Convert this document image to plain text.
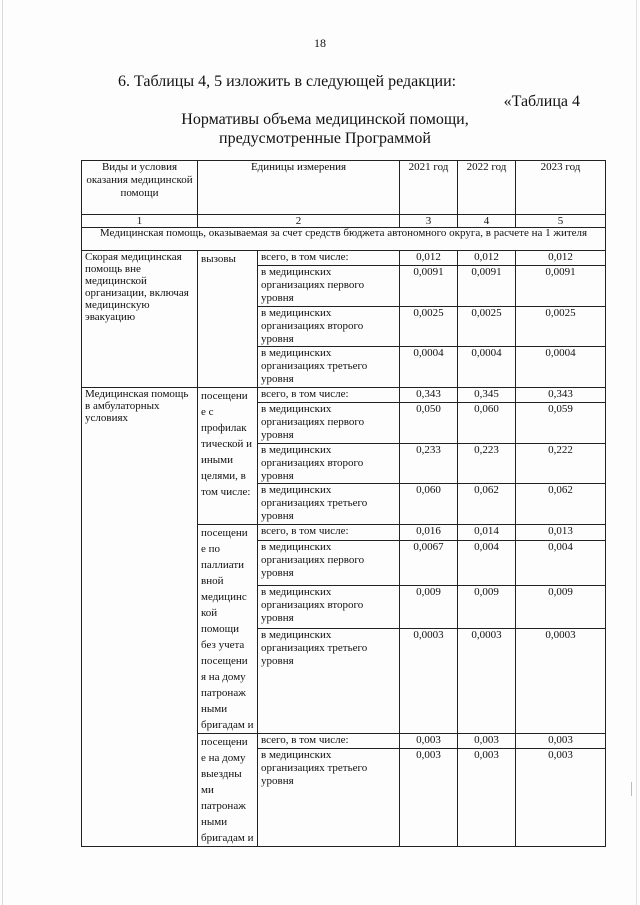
18
6. Таблицы 4, 5 изложить в следующей редакции:
«Таблица 4
Нормативы объема медицинской помощи, предусмотренные Программой
Виды и условия оказания медицинской помощи	Единицы измерения		2021 год	2022 год	2023 год
1	2		3	4	5
Медицинская помощь, оказываемая за счет средств бюджета автономного округа, в расчете на 1 жителя					
Скорая медицинская помощь вне медицинской организации, включая медицинскую эвакуацию	вызовы	всего, в том числе:	0,012	0,012	0,012
		в медицинских организациях первого уровня	0,0091	0,0091	0,0091
		в медицинских организациях второго уровня	0,0025	0,0025	0,0025
		в медицинских организациях третьего уровня	0,0004	0,0004	0,0004
Медицинская помощь в амбулаторных условиях	посещени е с профилак тической и иными целями, в том числе:	всего, в том числе:	0,343	0,345	0,343
		в медицинских организациях первого уровня	0,050	0,060	0,059
		в медицинских организациях второго уровня	0,233	0,223	0,222
		в медицинских организациях третьего уровня	0,060	0,062	0,062
	посещени е по паллиати вной медицинс кой помощи без учета посещени я на дому патронаж ными бригадам и	всего, в том числе:	0,016	0,014	0,013
		в медицинских организациях первого уровня	0,0067	0,004	0,004
		в медицинских организациях второго уровня	0,009	0,009	0,009
		в медицинских организациях третьего уровня	0,0003	0,0003	0,0003
	посещени е на дому выездны ми патронаж ными бригадам и	всего, в том числе:	0,003	0,003	0,003
		в медицинских организациях третьего уровня	0,003	0,003	0,003
